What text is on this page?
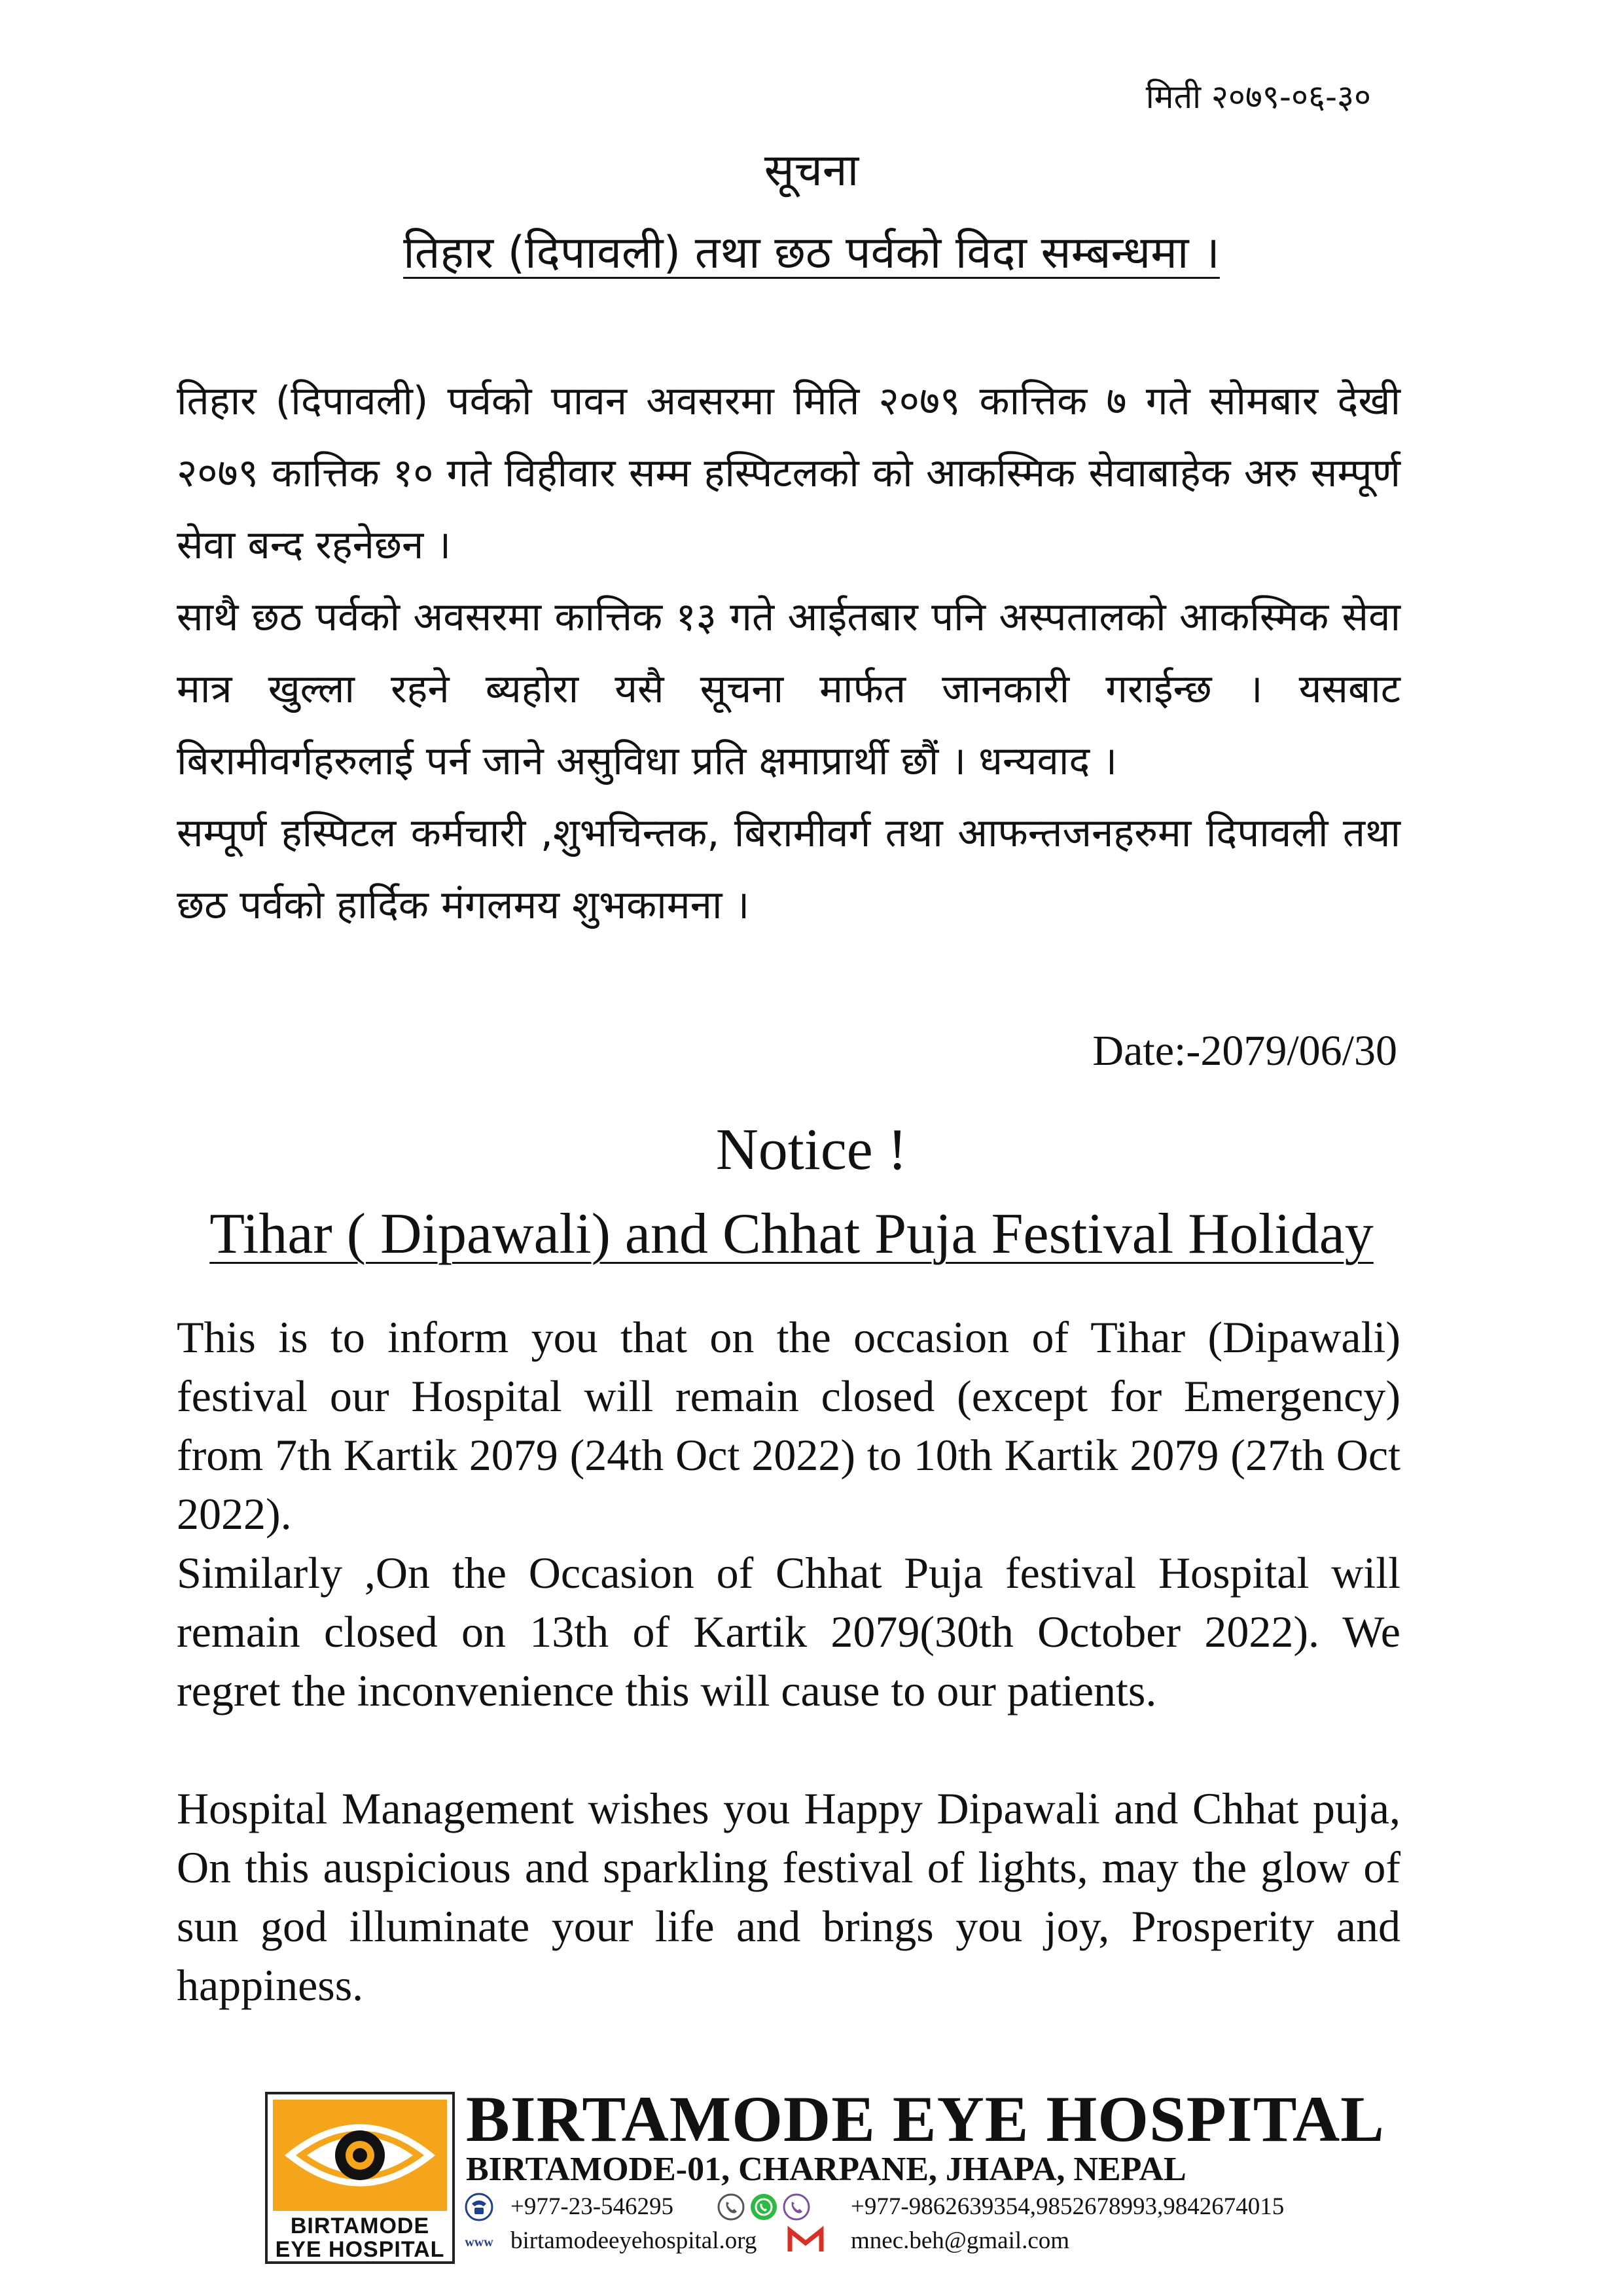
मिती २०७९-०६-३०
सूचना
तिहार (दिपावली) तथा छठ पर्वको विदा सम्बन्धमा ।

तिहार (दिपावली) पर्वको पावन अवसरमा मिति २०७९ कात्तिक ७ गते सोमबार देखी २०७९ कात्तिक १० गते विहीवार सम्म हस्पिटलको को आकस्मिक सेवाबाहेक अरु सम्पूर्ण सेवा बन्द रहनेछन ।

साथै छठ पर्वको अवसरमा कात्तिक १३ गते आईतबार पनि अस्पतालको आकस्मिक सेवा मात्र खुल्ला रहने ब्यहोरा यसै सूचना मार्फत जानकारी गराईन्छ । यसबाट बिरामीवर्गहरुलाई पर्न जाने असुविधा प्रति क्षमाप्रार्थी छौं । धन्यवाद ।

सम्पूर्ण हस्पिटल कर्मचारी ,शुभचिन्तक, बिरामीवर्ग तथा आफन्तजनहरुमा दिपावली तथा छठ पर्वको हार्दिक मंगलमय शुभकामना ।

Date:-2079/06/30
Notice !
Tihar ( Dipawali) and Chhat Puja Festival Holiday

This is to inform you that on the occasion of Tihar (Dipawali) festival our Hospital will remain closed (except for Emergency) from 7th Kartik 2079 (24th Oct 2022) to 10th Kartik 2079 (27th Oct 2022).

Similarly ,On the Occasion of Chhat Puja festival Hospital will remain closed on 13th of Kartik 2079(30th October 2022). We regret the inconvenience this will cause to our patients.

Hospital Management wishes you Happy Dipawali and Chhat puja, On this auspicious and sparkling festival of lights, may the glow of sun god illuminate your life and brings you joy, Prosperity and happiness.

BIRTAMODE
EYE HOSPITAL
BIRTAMODE EYE HOSPITAL
BIRTAMODE-01, CHARPANE, JHAPA, NEPAL
+977-23-546295	+977-9862639354,9852678993,9842674015
www birtamodeeyehospital.org	mnec.beh@gmail.com
